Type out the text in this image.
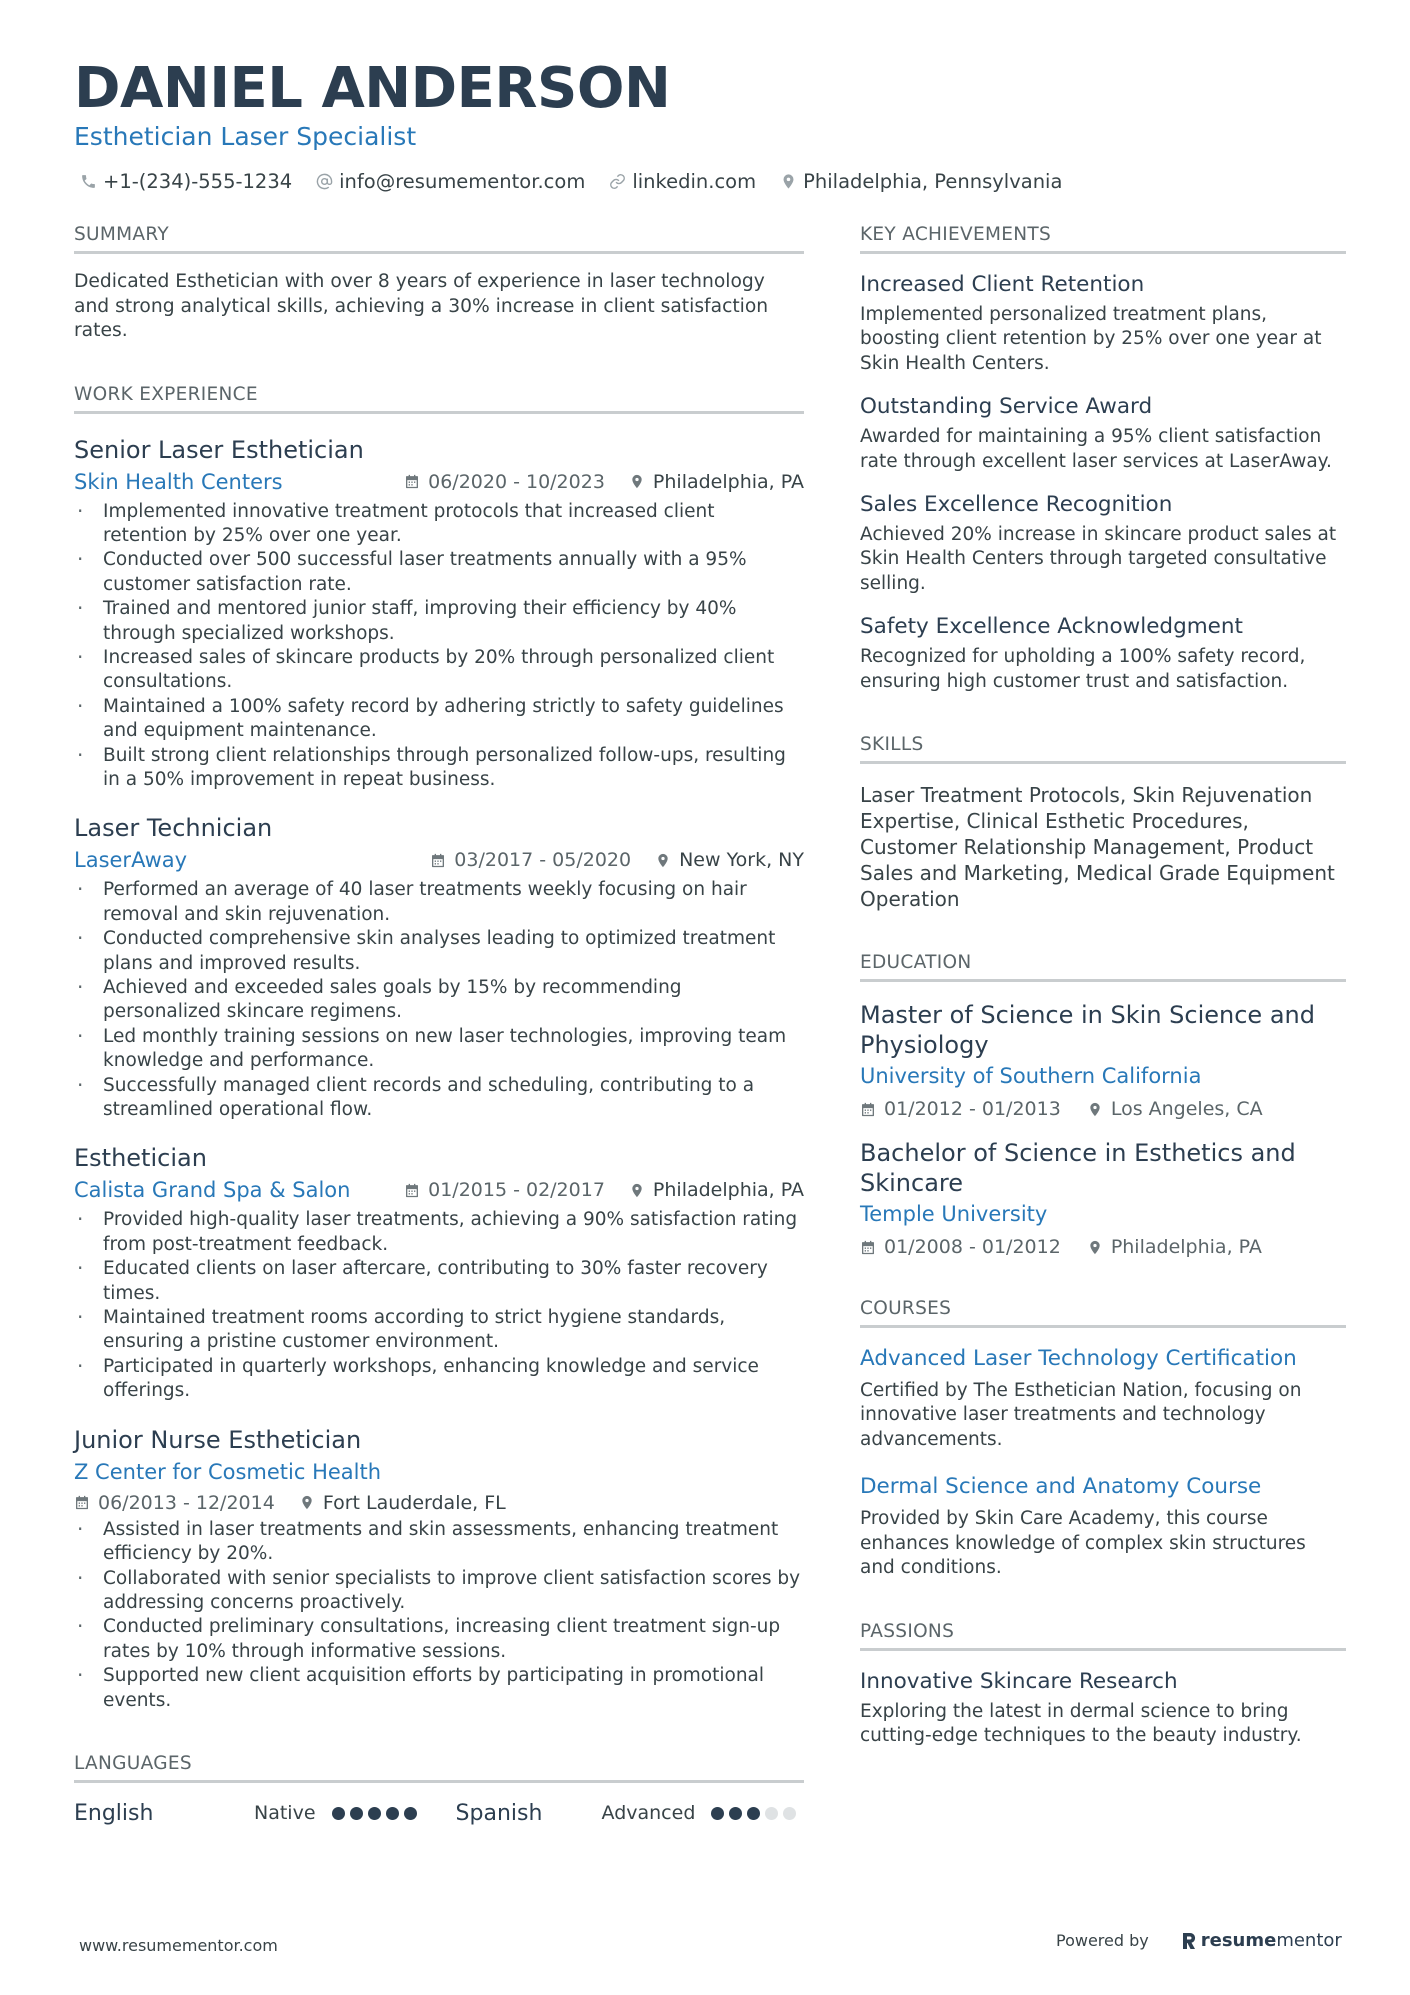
DANIEL ANDERSON
Esthetician Laser Specialist
+1-(234)-555-1234 info@resumementor.com linkedin.com Philadelphia, Pennsylvania
SUMMARY

Dedicated Esthetician with over 8 years of experience in laser technology and strong analytical skills, achieving a 30% increase in client satisfaction rates.

WORK EXPERIENCE
Senior Laser Esthetician
Skin Health Centers	06/2020 - 10/2023	Philadelphia, PA
· Implemented innovative treatment protocols that increased client retention by 25% over one year.
· Conducted over 500 successful laser treatments annually with a 95% customer satisfaction rate.
· Trained and mentored junior staff, improving their efficiency by 40% through specialized workshops.
· Increased sales of skincare products by 20% through personalized client consultations.
· Maintained a 100% safety record by adhering strictly to safety guidelines and equipment maintenance.
· Built strong client relationships through personalized follow-ups, resulting in a 50% improvement in repeat business.
Laser Technician
LaserAway	03/2017 - 05/2020	New York, NY
· Performed an average of 40 laser treatments weekly focusing on hair removal and skin rejuvenation.
· Conducted comprehensive skin analyses leading to optimized treatment plans and improved results.
· Achieved and exceeded sales goals by 15% by recommending personalized skincare regimens.
· Led monthly training sessions on new laser technologies, improving team knowledge and performance.
· Successfully managed client records and scheduling, contributing to a streamlined operational flow.
Esthetician
Calista Grand Spa & Salon	01/2015 - 02/2017	Philadelphia, PA
· Provided high-quality laser treatments, achieving a 90% satisfaction rating from post-treatment feedback.
· Educated clients on laser aftercare, contributing to 30% faster recovery times.
· Maintained treatment rooms according to strict hygiene standards, ensuring a pristine customer environment.
· Participated in quarterly workshops, enhancing knowledge and service offerings.
Junior Nurse Esthetician
Z Center for Cosmetic Health
06/2013 - 12/2014	Fort Lauderdale, FL
· Assisted in laser treatments and skin assessments, enhancing treatment efficiency by 20%.
· Collaborated with senior specialists to improve client satisfaction scores by addressing concerns proactively.
· Conducted preliminary consultations, increasing client treatment sign-up rates by 10% through informative sessions.
· Supported new client acquisition efforts by participating in promotional events.
LANGUAGES
English	Native	Spanish	Advanced
KEY ACHIEVEMENTS
Increased Client Retention
Implemented personalized treatment plans, boosting client retention by 25% over one year at Skin Health Centers.
Outstanding Service Award
Awarded for maintaining a 95% client satisfaction rate through excellent laser services at LaserAway.
Sales Excellence Recognition
Achieved 20% increase in skincare product sales at Skin Health Centers through targeted consultative selling.
Safety Excellence Acknowledgment
Recognized for upholding a 100% safety record, ensuring high customer trust and satisfaction.
SKILLS

Laser Treatment Protocols, Skin Rejuvenation Expertise, Clinical Esthetic Procedures, Customer Relationship Management, Product Sales and Marketing, Medical Grade Equipment Operation

EDUCATION
Master of Science in Skin Science and Physiology
University of Southern California
01/2012 - 01/2013	Los Angeles, CA
Bachelor of Science in Esthetics and Skincare
Temple University
01/2008 - 01/2012	Philadelphia, PA
COURSES
Advanced Laser Technology Certification
Certified by The Esthetician Nation, focusing on innovative laser treatments and technology advancements.
Dermal Science and Anatomy Course
Provided by Skin Care Academy, this course enhances knowledge of complex skin structures and conditions.
PASSIONS
Innovative Skincare Research
Exploring the latest in dermal science to bring cutting-edge techniques to the beauty industry.
www.resumementor.com	Powered by	resume mentor
